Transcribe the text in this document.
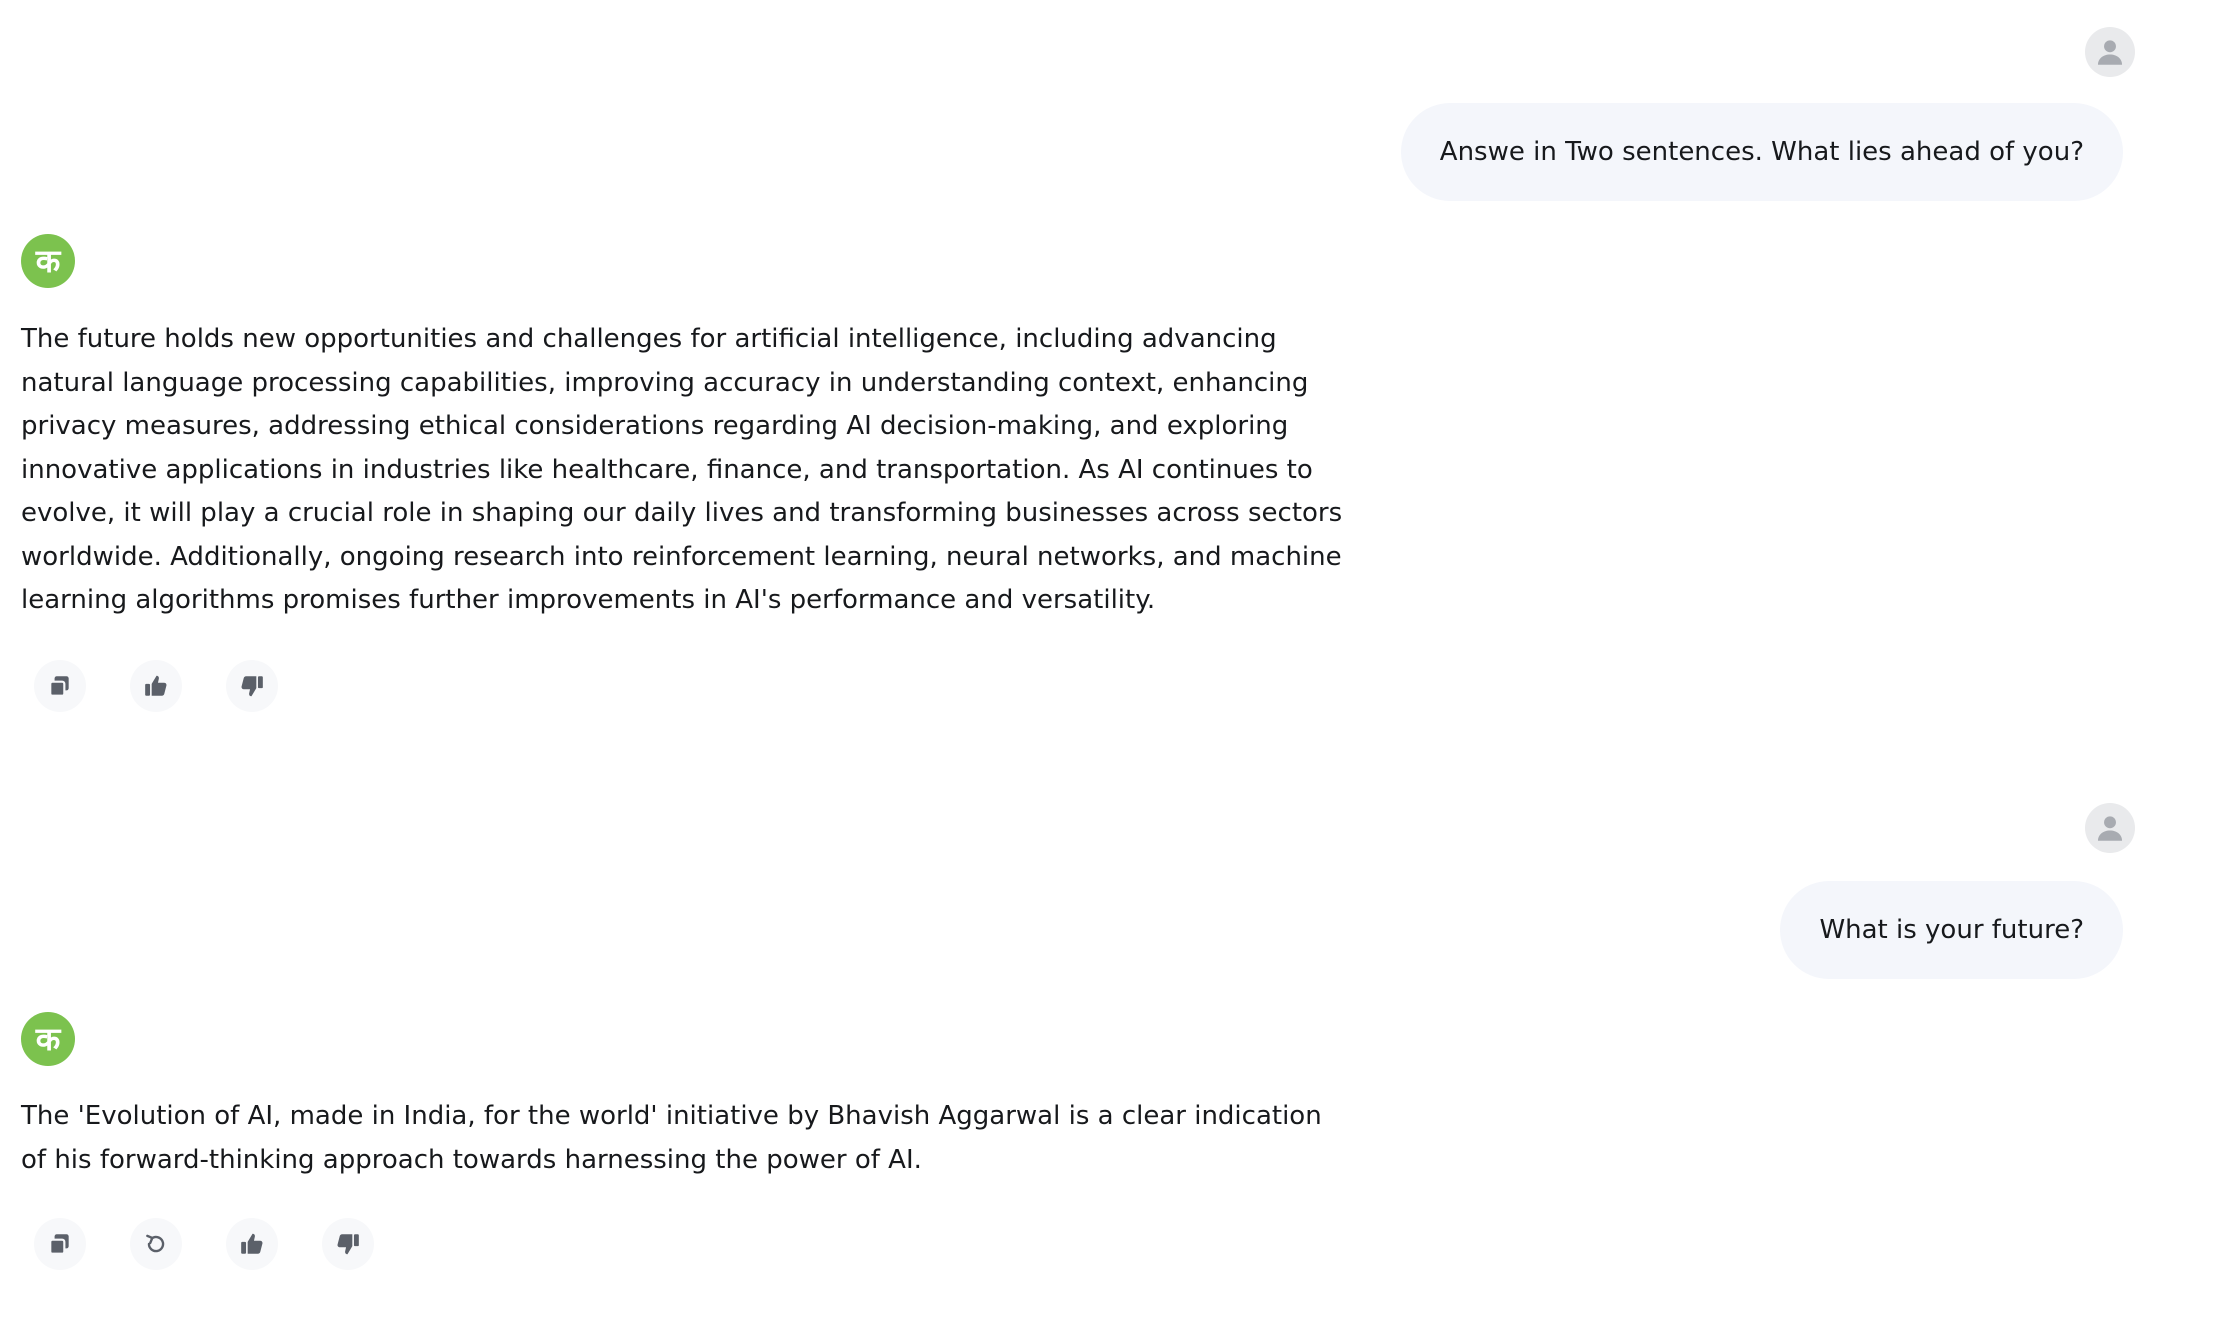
Answe in Two sentences. What lies ahead of you?
क
The future holds new opportunities and challenges for artificial intelligence, including advancing natural language processing capabilities, improving accuracy in understanding context, enhancing privacy measures, addressing ethical considerations regarding AI decision-making, and exploring innovative applications in industries like healthcare, finance, and transportation. As AI continues to evolve, it will play a crucial role in shaping our daily lives and transforming businesses across sectors worldwide. Additionally, ongoing research into reinforcement learning, neural networks, and machine learning algorithms promises further improvements in AI's performance and versatility.
What is your future?
क
The 'Evolution of AI, made in India, for the world' initiative by Bhavish Aggarwal is a clear indication of his forward-thinking approach towards harnessing the power of AI.
